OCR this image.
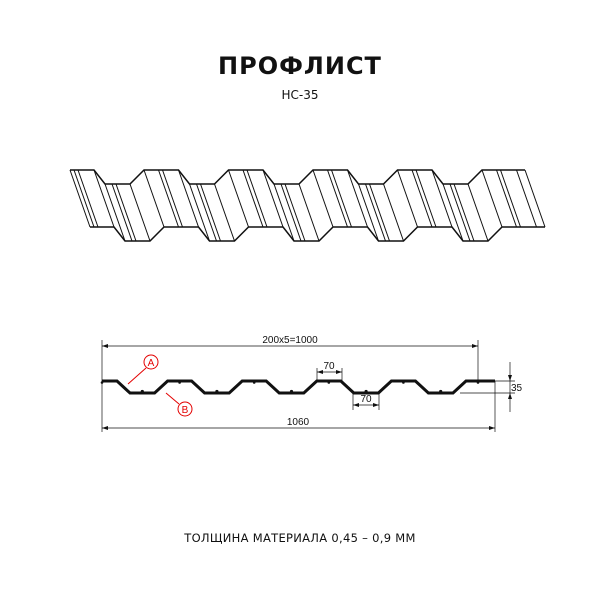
ПРОФЛИСТ
НС-35
200x5=1000
1060
70
70
35
A
B
ТОЛЩИНА МАТЕРИАЛА 0,45 – 0,9 ММ
